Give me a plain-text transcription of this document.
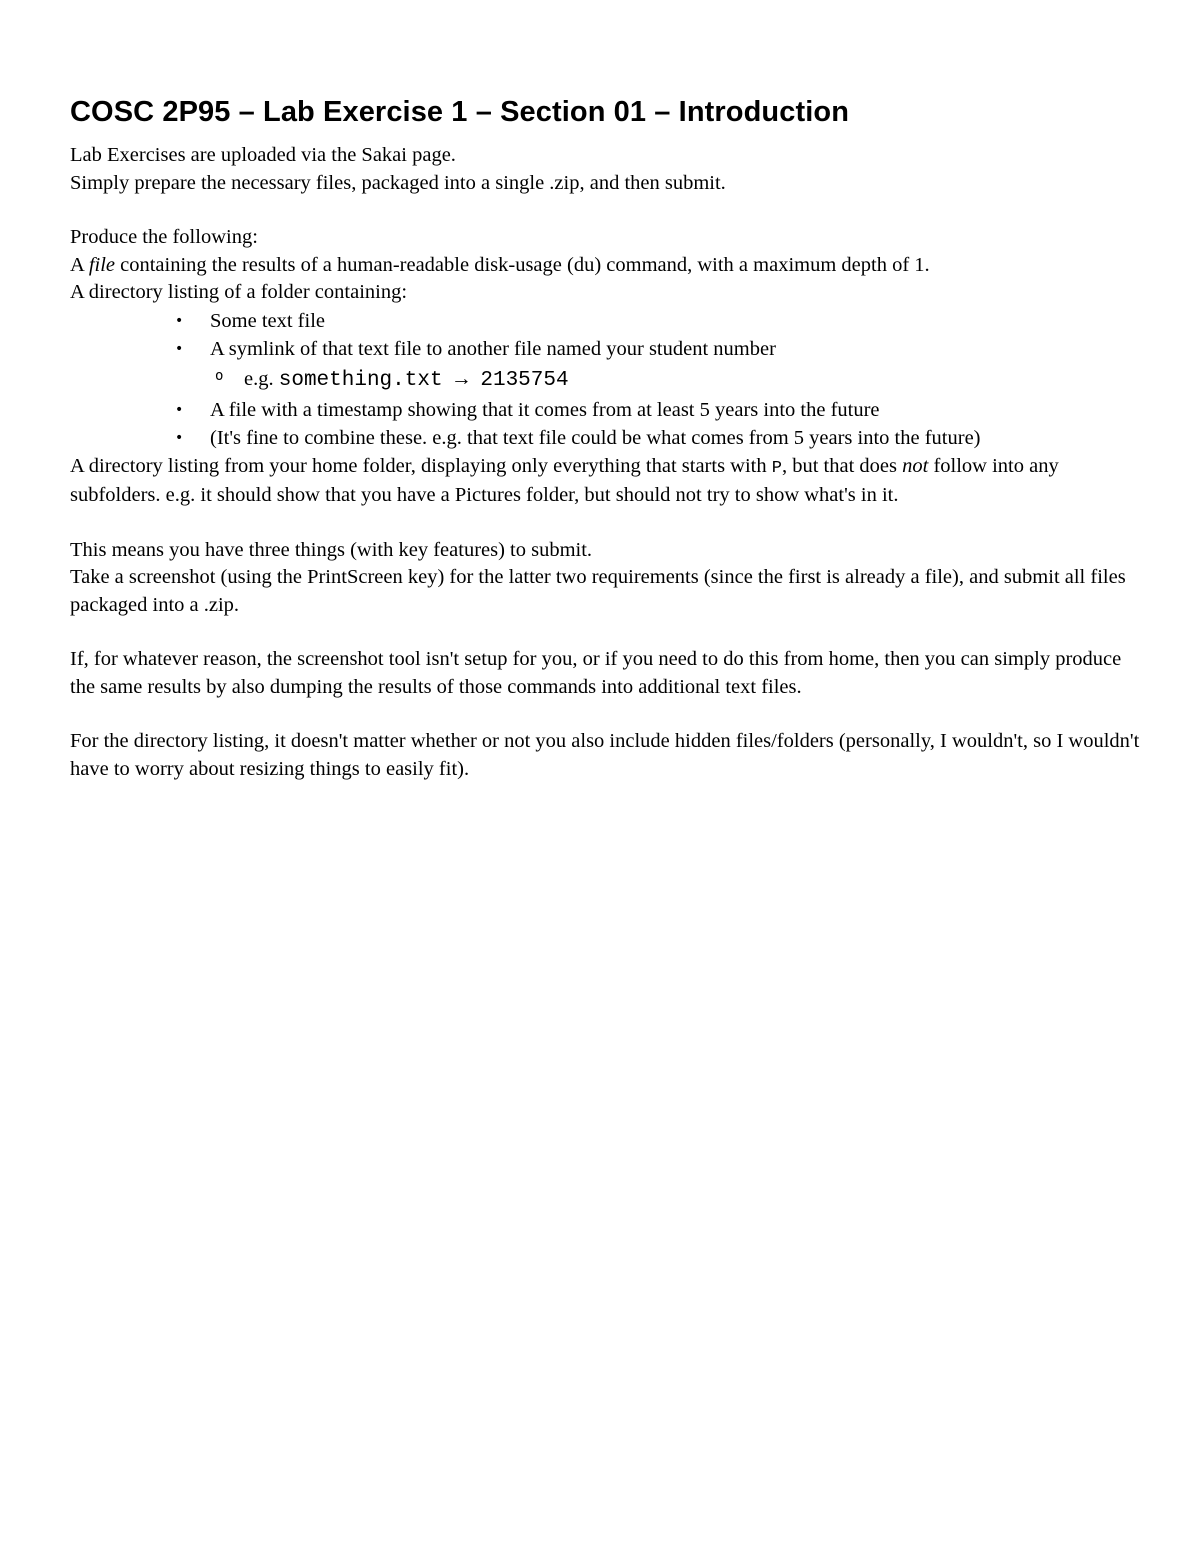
COSC 2P95 – Lab Exercise 1 – Section 01 – Introduction
Lab Exercises are uploaded via the Sakai page.
Simply prepare the necessary files, packaged into a single .zip, and then submit.
Produce the following:
A file containing the results of a human-readable disk-usage (du) command, with a maximum depth of 1.
A directory listing of a folder containing:
• Some text file
• A symlink of that text file to another file named your student number
o e.g. something.txt → 2135754
• A file with a timestamp showing that it comes from at least 5 years into the future
• (It's fine to combine these. e.g. that text file could be what comes from 5 years into the future)
A directory listing from your home folder, displaying only everything that starts with P, but that does not follow into any subfolders. e.g. it should show that you have a Pictures folder, but should not try to show what's in it.
This means you have three things (with key features) to submit.
Take a screenshot (using the PrintScreen key) for the latter two requirements (since the first is already a file), and submit all files packaged into a .zip.
If, for whatever reason, the screenshot tool isn't setup for you, or if you need to do this from home, then you can simply produce the same results by also dumping the results of those commands into additional text files.
For the directory listing, it doesn't matter whether or not you also include hidden files/folders (personally, I wouldn't, so I wouldn't have to worry about resizing things to easily fit).
